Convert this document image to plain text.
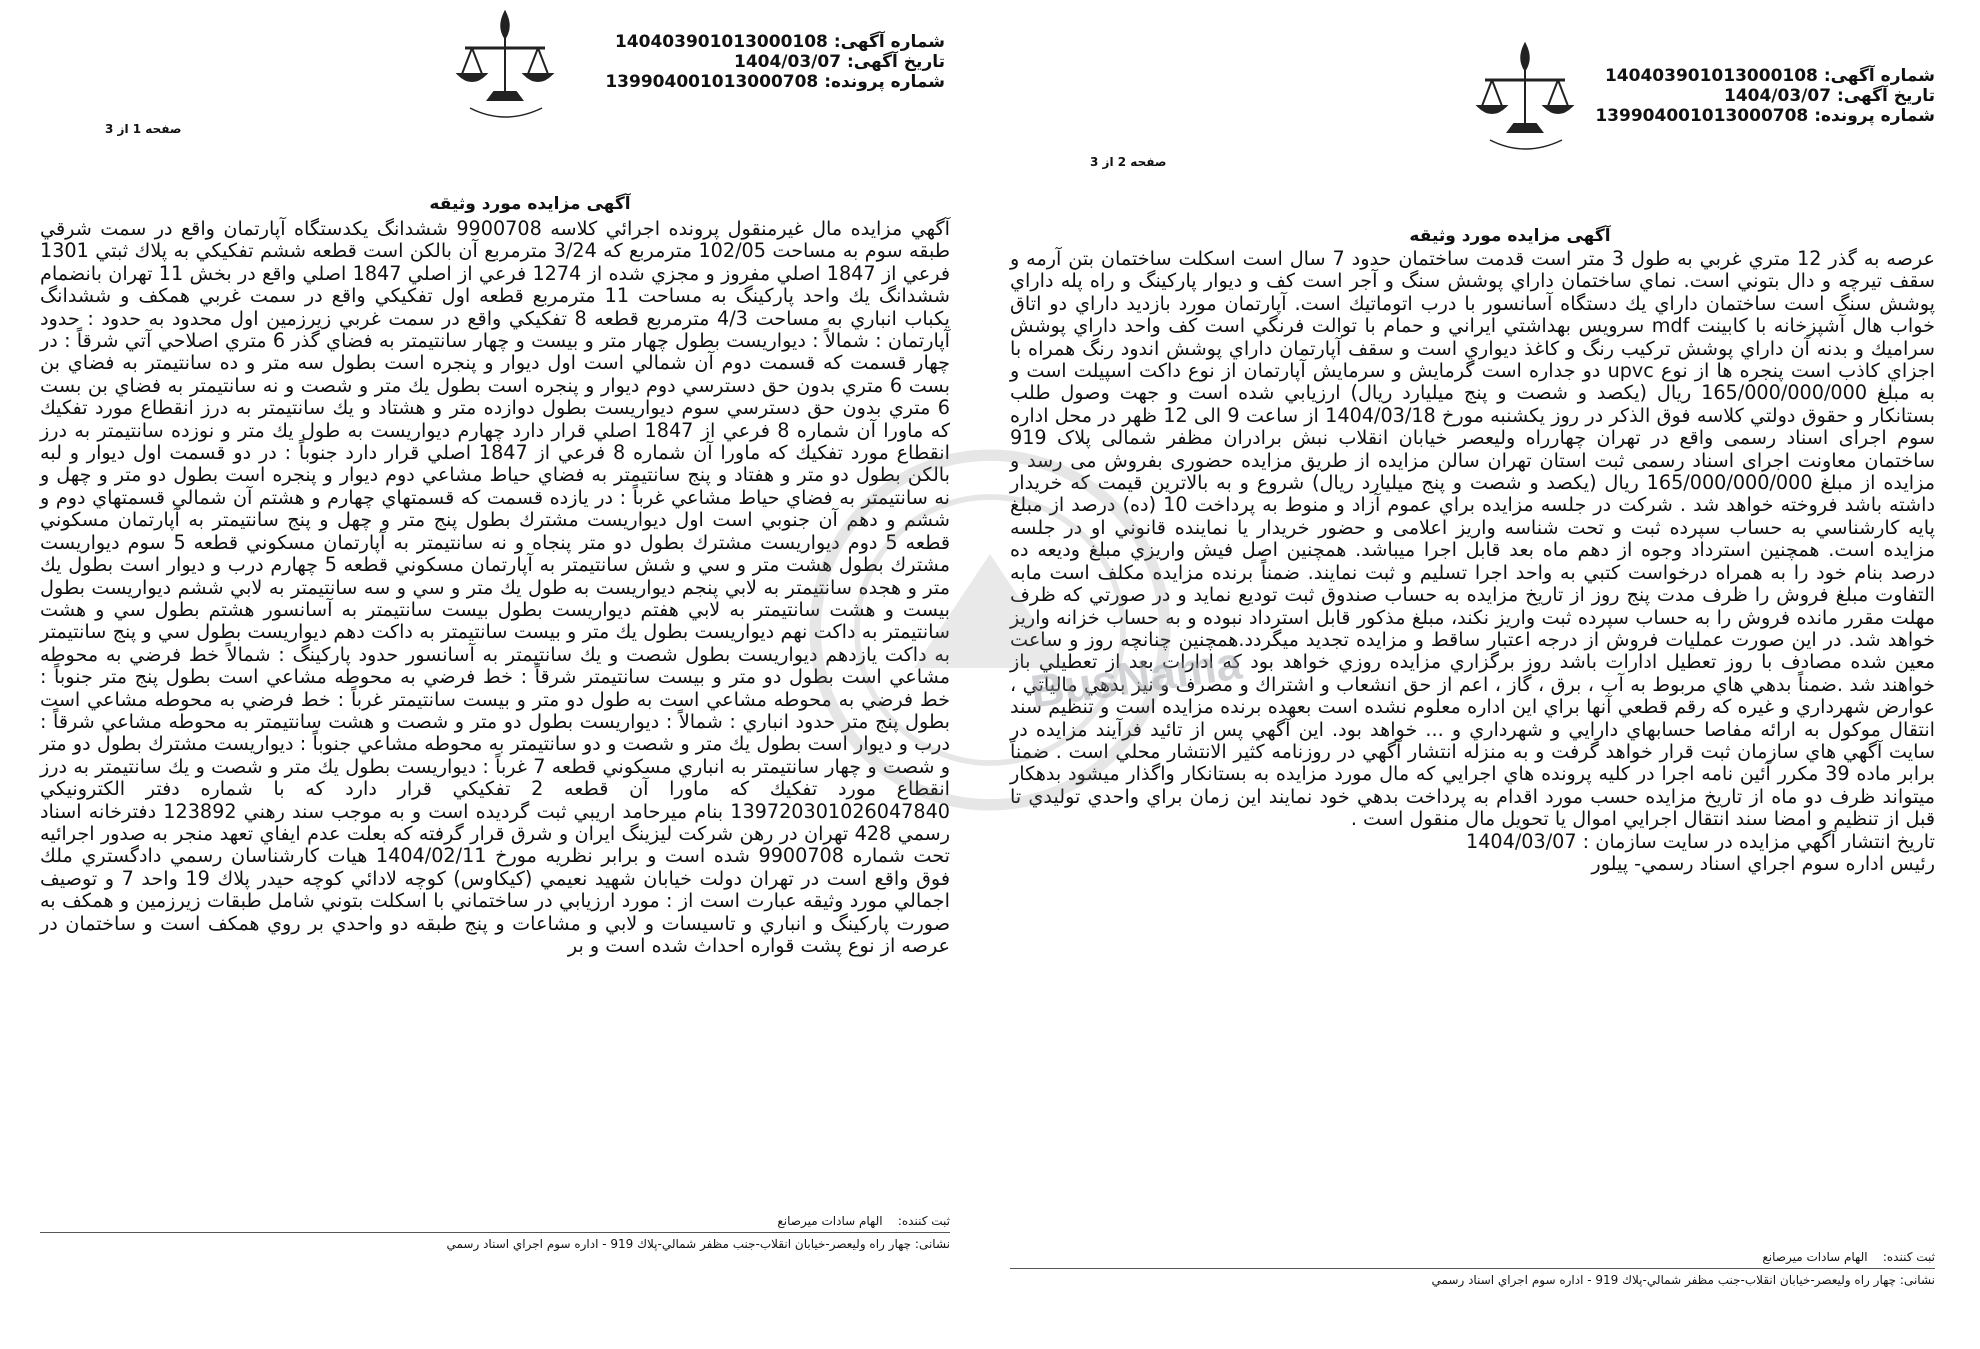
شماره آگهی: 140403901013000108
تاریخ آگهی: 1404/03/07
شماره پرونده: 139904001013000708
صفحه 1 از 3
آگهی مزایده مورد وثیقه
آگهي مزايده مال غيرمنقول پرونده اجرائي كلاسه 9900708 ششدانگ يكدستگاه آپارتمان واقع در سمت شرقي طبقه سوم به مساحت 102/05 مترمربع كه 3/24 مترمربع آن بالكن است قطعه ششم تفكيكي به پلاك ثبتي 1301 فرعي از 1847 اصلي مفروز و مجزي شده از 1274 فرعي از اصلي 1847 اصلي واقع در بخش 11 تهران بانضمام ششدانگ يك واحد پاركينگ به مساحت 11 مترمربع قطعه اول تفكيكي واقع در سمت غربي همكف و ششدانگ يكباب انباري به مساحت 4/3 مترمربع قطعه 8 تفكيكي واقع در سمت غربي زيرزمين اول محدود به حدود : حدود آپارتمان : شمالاً : ديواريست بطول چهار متر و بيست و چهار سانتيمتر به فضاي گذر 6 متري اصلاحي آتي شرقاً : در چهار قسمت كه قسمت دوم آن شمالي است اول ديوار و پنجره است بطول سه متر و ده سانتيمتر به فضاي بن بست 6 متري بدون حق دسترسي دوم ديوار و پنجره است بطول يك متر و شصت و نه سانتيمتر به فضاي بن بست 6 متري بدون حق دسترسي سوم ديواريست بطول دوازده متر و هشتاد و يك سانتيمتر به درز انقطاع مورد تفكيك كه ماورا آن شماره 8 فرعي از 1847 اصلي قرار دارد چهارم ديواريست به طول يك متر و نوزده سانتيمتر به درز انقطاع مورد تفكيك كه ماورا آن شماره 8 فرعي از 1847 اصلي قرار دارد جنوباً : در دو قسمت اول ديوار و لبه بالكن بطول دو متر و هفتاد و پنج سانتيمتر به فضاي حياط مشاعي دوم ديوار و پنجره است بطول دو متر و چهل و نه سانتيمتر به فضاي حياط مشاعي غرباً : در يازده قسمت كه قسمتهاي چهارم و هشتم آن شمالي قسمتهاي دوم و ششم و دهم آن جنوبي است اول ديواريست مشترك بطول پنج متر و چهل و پنج سانتيمتر به آپارتمان مسكوني قطعه 5 دوم ديواريست مشترك بطول دو متر پنجاه و نه سانتيمتر به آپارتمان مسكوني قطعه 5 سوم ديواريست مشترك بطول هشت متر و سي و شش سانتيمتر به آپارتمان مسكوني قطعه 5 چهارم درب و ديوار است بطول يك متر و هجده سانتيمتر به لابي پنجم ديواريست به طول يك متر و سي و سه سانتيمتر به لابي ششم ديواريست بطول بيست و هشت سانتيمتر به لابي هفتم ديواريست بطول بيست سانتيمتر به آسانسور هشتم بطول سي و هشت سانتيمتر به داكت نهم ديواريست بطول يك متر و بيست سانتيمتر به داكت دهم ديواريست بطول سي و پنج سانتيمتر به داكت يازدهم ديواريست بطول شصت و يك سانتيمتر به آسانسور حدود پاركينگ : شمالاً خط فرضي به محوطه مشاعي است بطول دو متر و بيست سانتيمتر شرقاً : خط فرضي به محوطه مشاعي است بطول پنج متر جنوباً : خط فرضي به محوطه مشاعي است به طول دو متر و بيست سانتيمتر غرباً : خط فرضي به محوطه مشاعي است بطول پنج متر حدود انباري : شمالاً : ديواريست بطول دو متر و شصت و هشت سانتيمتر به محوطه مشاعي شرقاً : درب و ديوار است بطول يك متر و شصت و دو سانتيمتر به محوطه مشاعي جنوباً : ديواريست مشترك بطول دو متر و شصت و چهار سانتيمتر به انباري مسكوني قطعه 7 غرباً : ديواريست بطول يك متر و شصت و يك سانتيمتر به درز انقطاع مورد تفكيك كه ماورا آن قطعه 2 تفكيكي قرار دارد كه با شماره دفتر الكترونيكي 139720301026047840 بنام ميرحامد اريبي ثبت گرديده است و به موجب سند رهني 123892 دفترخانه اسناد رسمي 428 تهران در رهن شركت ليزينگ ايران و شرق قرار گرفته كه بعلت عدم ايفاي تعهد منجر به صدور اجرائيه تحت شماره 9900708 شده است و برابر نظريه مورخ 1404/02/11 هيات كارشناسان رسمي دادگستري ملك فوق واقع است در تهران دولت خيابان شهيد نعيمي (كيكاوس) كوچه لادائي كوچه حيدر پلاك 19 واحد 7 و توصيف اجمالي مورد وثيقه عبارت است از : مورد ارزيابي در ساختماني با اسكلت بتوني شامل طبقات زيرزمين و همكف به صورت پاركينگ و انباري و تاسيسات و لابي و مشاعات و پنج طبقه دو واحدي بر روي همكف است و ساختمان در عرصه از نوع پشت قواره احداث شده است و بر
ثبت کننده:    الهام سادات میرصانع
نشانی: چهار راه وليعصر-خيابان انقلاب-جنب مظفر شمالي-پلاك 919 - اداره سوم اجراي اسناد رسمي
شماره آگهی: 140403901013000108
تاریخ آگهی: 1404/03/07
شماره پرونده: 139904001013000708
صفحه 2 از 3
آگهی مزایده مورد وثیقه
عرصه به گذر 12 متري غربي به طول 3 متر است قدمت ساختمان حدود 7 سال است اسكلت ساختمان بتن آرمه و سقف تيرچه و دال بتوني است. نماي ساختمان داراي پوشش سنگ و آجر است كف و ديوار پاركينگ و راه پله داراي پوشش سنگ است ساختمان داراي يك دستگاه آسانسور با درب اتوماتيك است. آپارتمان مورد بازديد داراي دو اتاق خواب هال آشپزخانه با كابينت mdf سرويس بهداشتي ايراني و حمام با توالت فرنگي است كف واحد داراي پوشش سراميك و بدنه آن داراي پوشش تركيب رنگ و كاغذ ديواري است و سقف آپارتمان داراي پوشش اندود رنگ همراه با اجزاي كاذب است پنجره ها از نوع upvc دو جداره است گرمايش و سرمايش آپارتمان از نوع داكت اسپيلت است و به مبلغ 165/000/000/000 ريال (يكصد و شصت و پنج ميليارد ريال) ارزيابي شده است و جهت وصول طلب بستانكار و حقوق دولتي كلاسه فوق الذكر در روز يكشنبه مورخ 1404/03/18 از ساعت 9 الی 12 ظهر در محل اداره سوم اجرای اسناد رسمی واقع در تهران چهارراه ولیعصر خیابان انقلاب نبش برادران مظفر شمالی پلاک 919 ساختمان معاونت اجرای اسناد رسمی ثبت استان تهران سالن مزایده از طریق مزایده حضوری بفروش می رسد و مزایده از مبلغ 165/000/000/000 ريال (يكصد و شصت و پنج ميليارد ريال) شروع و به بالاترين قيمت كه خريدار داشته باشد فروخته خواهد شد . شركت در جلسه مزايده براي عموم آزاد و منوط به پرداخت 10 (ده) درصد از مبلغ پايه كارشناسي به حساب سپرده ثبت و تحت شناسه واريز اعلامی و حضور خريدار يا نماينده قانوني او در جلسه مزايده است. همچنین استرداد وجوه از دهم ماه بعد قابل اجرا ميباشد. همچنين اصل فيش واريزي مبلغ وديعه ده درصد بنام خود را به همراه درخواست كتبي به واحد اجرا تسليم و ثبت نمايند. ضمناً برنده مزايده مكلف است مابه التفاوت مبلغ فروش را ظرف مدت پنج روز از تاريخ مزايده به حساب صندوق ثبت توديع نمايد و در صورتي كه ظرف مهلت مقرر مانده فروش را به حساب سپرده ثبت واريز نكند، مبلغ مذكور قابل استرداد نبوده و به حساب خزانه واريز خواهد شد. در اين صورت عمليات فروش از درجه اعتبار ساقط و مزايده تجديد ميگردد.همچنین چنانچه روز و ساعت معین شده مصادف با روز تعطيل ادارات باشد روز برگزاري مزايده روزي خواهد بود كه ادارات بعد از تعطيلي باز خواهند شد .ضمناً بدهي هاي مربوط به آب ، برق ، گاز ، اعم از حق انشعاب و اشتراك و مصرف و نيز بدهي مالياتي ، عوارض شهرداري و غيره كه رقم قطعي آنها براي اين اداره معلوم نشده است بعهده برنده مزايده است و تنظيم سند انتقال موكول به ارائه مفاصا حسابهاي دارايي و شهرداري و ... خواهد بود. اين آگهي پس از تائيد فرآيند مزايده در سايت آگهي هاي سازمان ثبت قرار خواهد گرفت و به منزله انتشار آگهي در روزنامه كثير الانتشار محلي است . ضمناً برابر ماده 39 مكرر آئين نامه اجرا در كليه پرونده هاي اجرايي كه مال مورد مزايده به بستانكار واگذار ميشود بدهكار ميتواند ظرف دو ماه از تاريخ مزايده حسب مورد اقدام به پرداخت بدهي خود نمايند اين زمان براي واحدي توليدي تا قبل از تنظيم و امضا سند انتقال اجرايي اموال يا تحويل مال منقول است .
تاريخ انتشار آگهي مزايده در سايت سازمان : 1404/03/07
رئيس اداره سوم اجراي اسناد رسمي- پيلور
ثبت کننده:    الهام سادات میرصانع
نشانی: چهار راه وليعصر-خيابان انقلاب-جنب مظفر شمالي-پلاك 919 - اداره سوم اجراي اسناد رسمي
BusNama
